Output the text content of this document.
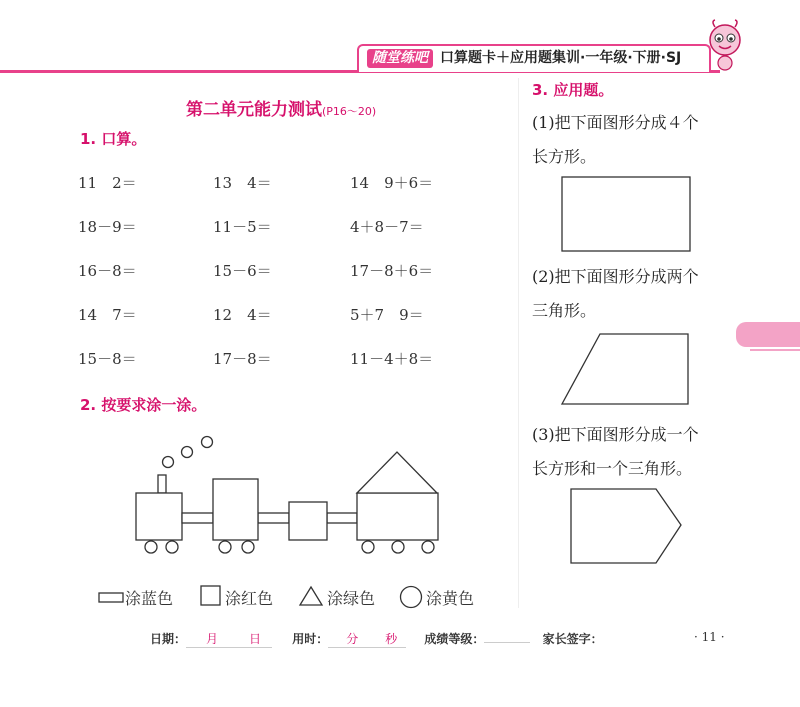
随堂练吧 口算题卡＋应用题集训·一年级·下册·SJ
第二单元能力测试(P16～20)
1. 口算。
11　2＝	13　4＝	14　9＋6＝
18－9＝	11－5＝	4＋8－7＝
16－8＝	15－6＝	17－8＋6＝
14　7＝	12　4＝	5＋7　9＝
15－8＝	17－8＝	11－4＋8＝
2. 按要求涂一涂。
涂蓝色	涂红色	涂绿色	涂黄色
3. 应用题。
(1)把下面图形分成４个
长方形。
(2)把下面图形分成两个
三角形。
(3)把下面图形分成一个
长方形和一个三角形。
日期： 月	日	用时： 分 秒 成绩等级：	家长签字：	· 11 ·
